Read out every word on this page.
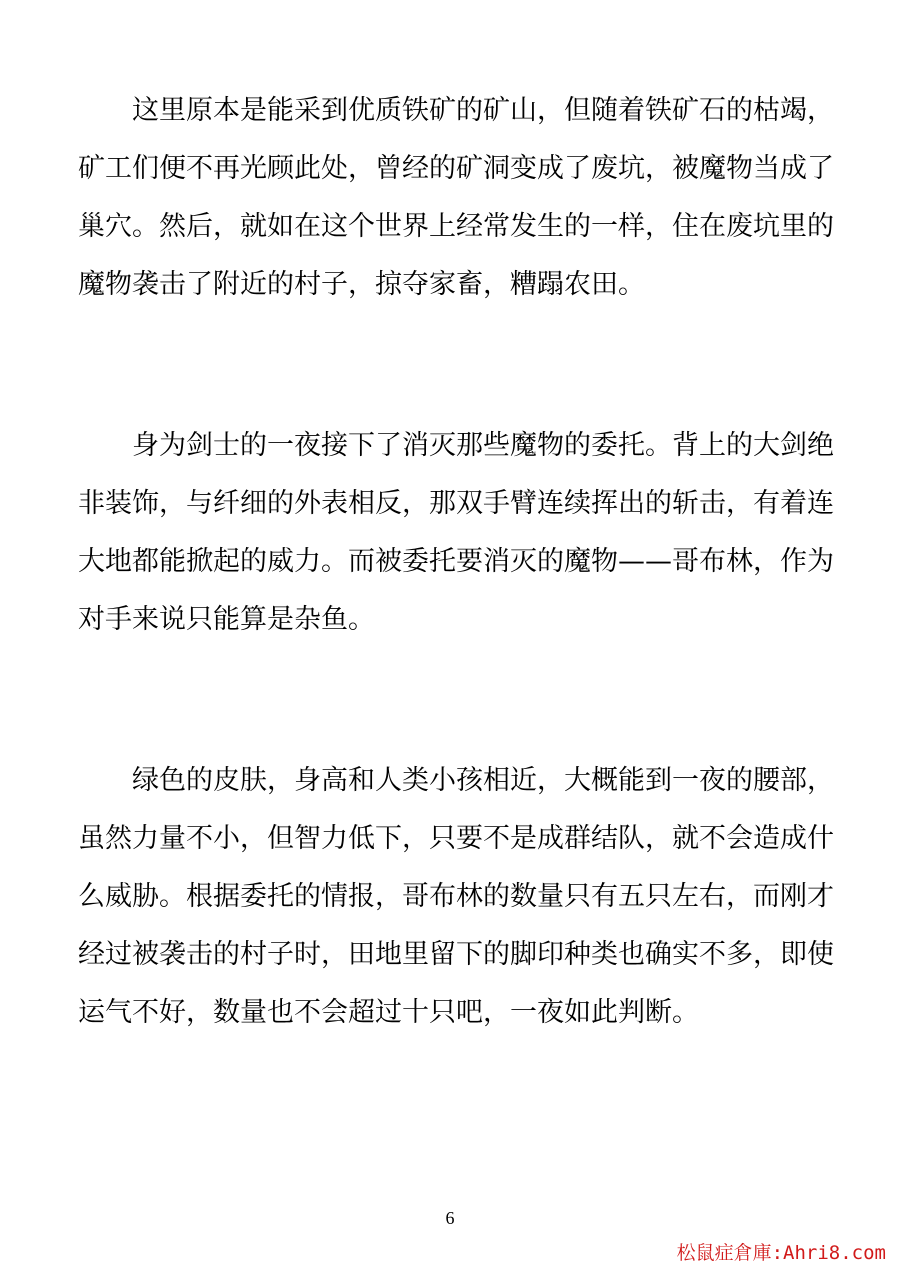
这里原本是能采到优质铁矿的矿山，但随着铁矿石的枯竭，
矿工们便不再光顾此处，曾经的矿洞变成了废坑，被魔物当成了
巢穴。然后，就如在这个世界上经常发生的一样，住在废坑里的
魔物袭击了附近的村子，掠夺家畜，糟蹋农田。
身为剑士的一夜接下了消灭那些魔物的委托。背上的大剑绝
非装饰，与纤细的外表相反，那双手臂连续挥出的斩击，有着连
大地都能掀起的威力。而被委托要消灭的魔物——哥布林，作为
对手来说只能算是杂鱼。
绿色的皮肤，身高和人类小孩相近，大概能到一夜的腰部，
虽然力量不小，但智力低下，只要不是成群结队，就不会造成什
么威胁。根据委托的情报，哥布林的数量只有五只左右，而刚才
经过被袭击的村子时，田地里留下的脚印种类也确实不多，即使
运气不好，数量也不会超过十只吧，一夜如此判断。
6
松鼠症倉庫:Ahri8.com
